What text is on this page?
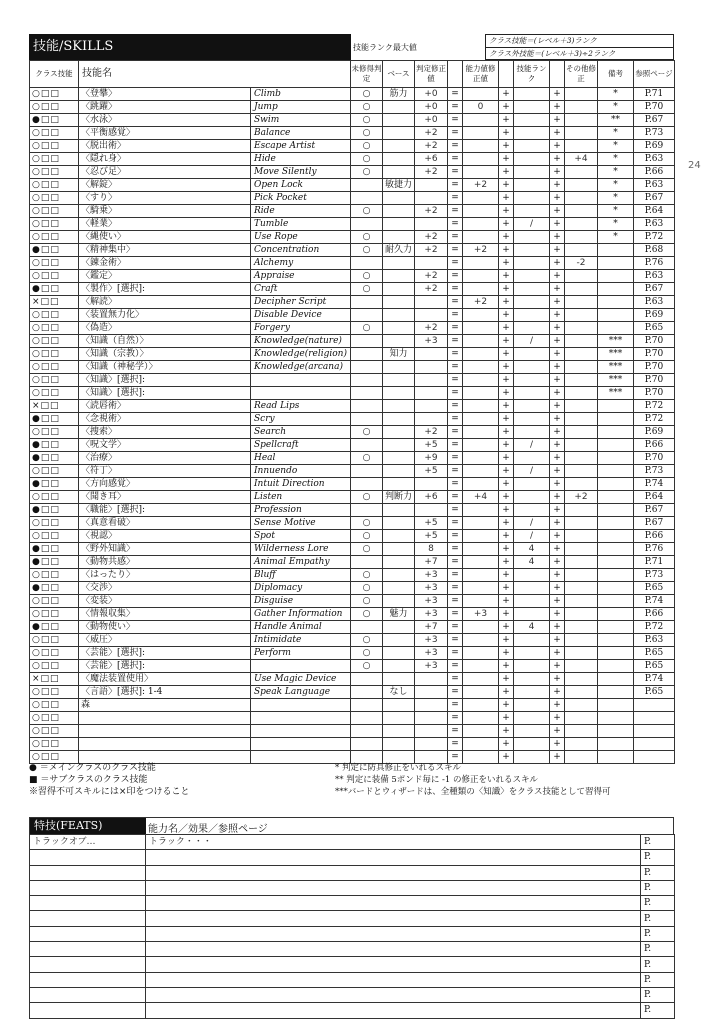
技能/SKILLS	技能ランク最大値
クラス技能＝(レベル＋3)ランク
クラス外技能＝(レベル＋3)÷2ランク
クラス技能	技能名		未修得判定	ベース	判定修正値		能力値修正値		技能ランク		その他修正	備考	参照ページ
○□□	〈登攀〉	Climb	○	筋力	+0	=		+		+		*	P.71
○□□	〈跳躍〉	Jump	○		+0	=	0	+		+		*	P.70
●□□	〈水泳〉	Swim	○		+0	=		+		+		**	P.67
○□□	〈平衡感覚〉	Balance	○		+2	=		+		+		*	P.73
○□□	〈脱出術〉	Escape Artist	○		+2	=		+		+		*	P.69
○□□	〈隠れ身〉	Hide	○		+6	=		+		+	+4	*	P.63
○□□	〈忍び足〉	Move Silently	○		+2	=		+		+		*	P.66
○□□	〈解錠〉	Open Lock		敏捷力		=	+2	+		+		*	P.63
○□□	〈すり〉	Pick Pocket				=		+		+		*	P.67
○□□	〈騎乗〉	Ride	○		+2	=		+		+		*	P.64
○□□	〈軽業〉	Tumble				=		+	/	+		*	P.63
○□□	〈縄使い〉	Use Rope	○		+2	=		+		+		*	P.72
●□□	〈精神集中〉	Concentration	○	耐久力	+2	=	+2	+		+			P.68
○□□	〈錬金術〉	Alchemy				=		+		+	-2		P.76
○□□	〈鑑定〉	Appraise	○		+2	=		+		+			P.63
●□□	〈製作〉[選択]:	Craft	○		+2	=		+		+			P.67
×□□	〈解読〉	Decipher Script				=	+2	+		+			P.63
○□□	〈装置無力化〉	Disable Device				=		+		+			P.69
○□□	〈偽造〉	Forgery	○		+2	=		+		+			P.65
○□□	〈知識（自然）〉	Knowledge(nature)			+3	=		+	/	+		***	P.70
○□□	〈知識（宗教）〉	Knowledge(religion)		知力		=		+		+		***	P.70
○□□	〈知識（神秘学）〉	Knowledge(arcana)				=		+		+		***	P.70
○□□	〈知識〉[選択]:					=		+		+		***	P.70
○□□	〈知識〉[選択]:					=		+		+		***	P.70
×□□	〈読唇術〉	Read Lips				=		+		+			P.72
●□□	〈念視術〉	Scry				=		+		+			P.72
○□□	〈捜索〉	Search	○		+2	=		+		+			P.69
●□□	〈呪文学〉	Spellcraft			+5	=		+	/	+			P.66
●□□	〈治療〉	Heal	○		+9	=		+		+			P.70
○□□	〈符丁〉	Innuendo			+5	=		+	/	+			P.73
●□□	〈方向感覚〉	Intuit Direction				=		+		+			P.74
○□□	〈聞き耳〉	Listen	○	判断力	+6	=	+4	+		+	+2		P.64
●□□	〈職能〉[選択]:	Profession				=		+		+			P.67
○□□	〈真意看破〉	Sense Motive	○		+5	=		+	/	+			P.67
○□□	〈視認〉	Spot	○		+5	=		+	/	+			P.66
●□□	〈野外知識〉	Wilderness Lore	○		8	=		+	4	+			P.76
●□□	〈動物共感〉	Animal Empathy			+7	=		+	4	+			P.71
○□□	〈はったり〉	Bluff	○		+3	=		+		+			P.73
●□□	〈交渉〉	Diplomacy	○		+3	=		+		+			P.65
○□□	〈変装〉	Disguise	○		+3	=		+		+			P.74
○□□	〈情報収集〉	Gather Information	○	魅力	+3	=	+3	+		+			P.66
●□□	〈動物使い〉	Handle Animal			+7	=		+	4	+			P.72
○□□	〈威圧〉	Intimidate	○		+3	=		+		+			P.63
○□□	〈芸能〉[選択]:	Perform	○		+3	=		+		+			P.65
○□□	〈芸能〉[選択]:		○		+3	=		+		+			P.65
×□□	〈魔法装置使用〉	Use Magic Device				=		+		+			P.74
○□□	〈言語〉[選択]: 1-4	Speak Language		なし		=		+		+			P.65
○□□	森					=		+		+			
○□□						=		+		+			
○□□						=		+		+			
○□□						=		+		+			
○□□						=		+		+			
● ＝メインクラスのクラス技能
■ ＝サブクラスのクラス技能
※習得不可スキルには×印をつけること
* 判定に防具修正をいれるスキル
** 判定に装備 5ポンド毎に -1 の修正をいれるスキル
***バードとウィザードは、全種類の〈知識〉をクラス技能として習得可
特技(FEATS)	能力名／効果／参照ページ
トラックオブ…	トラック・・・	P.
		P.
		P.
		P.
		P.
		P.
		P.
		P.
		P.
		P.
		P.
		P.
24
